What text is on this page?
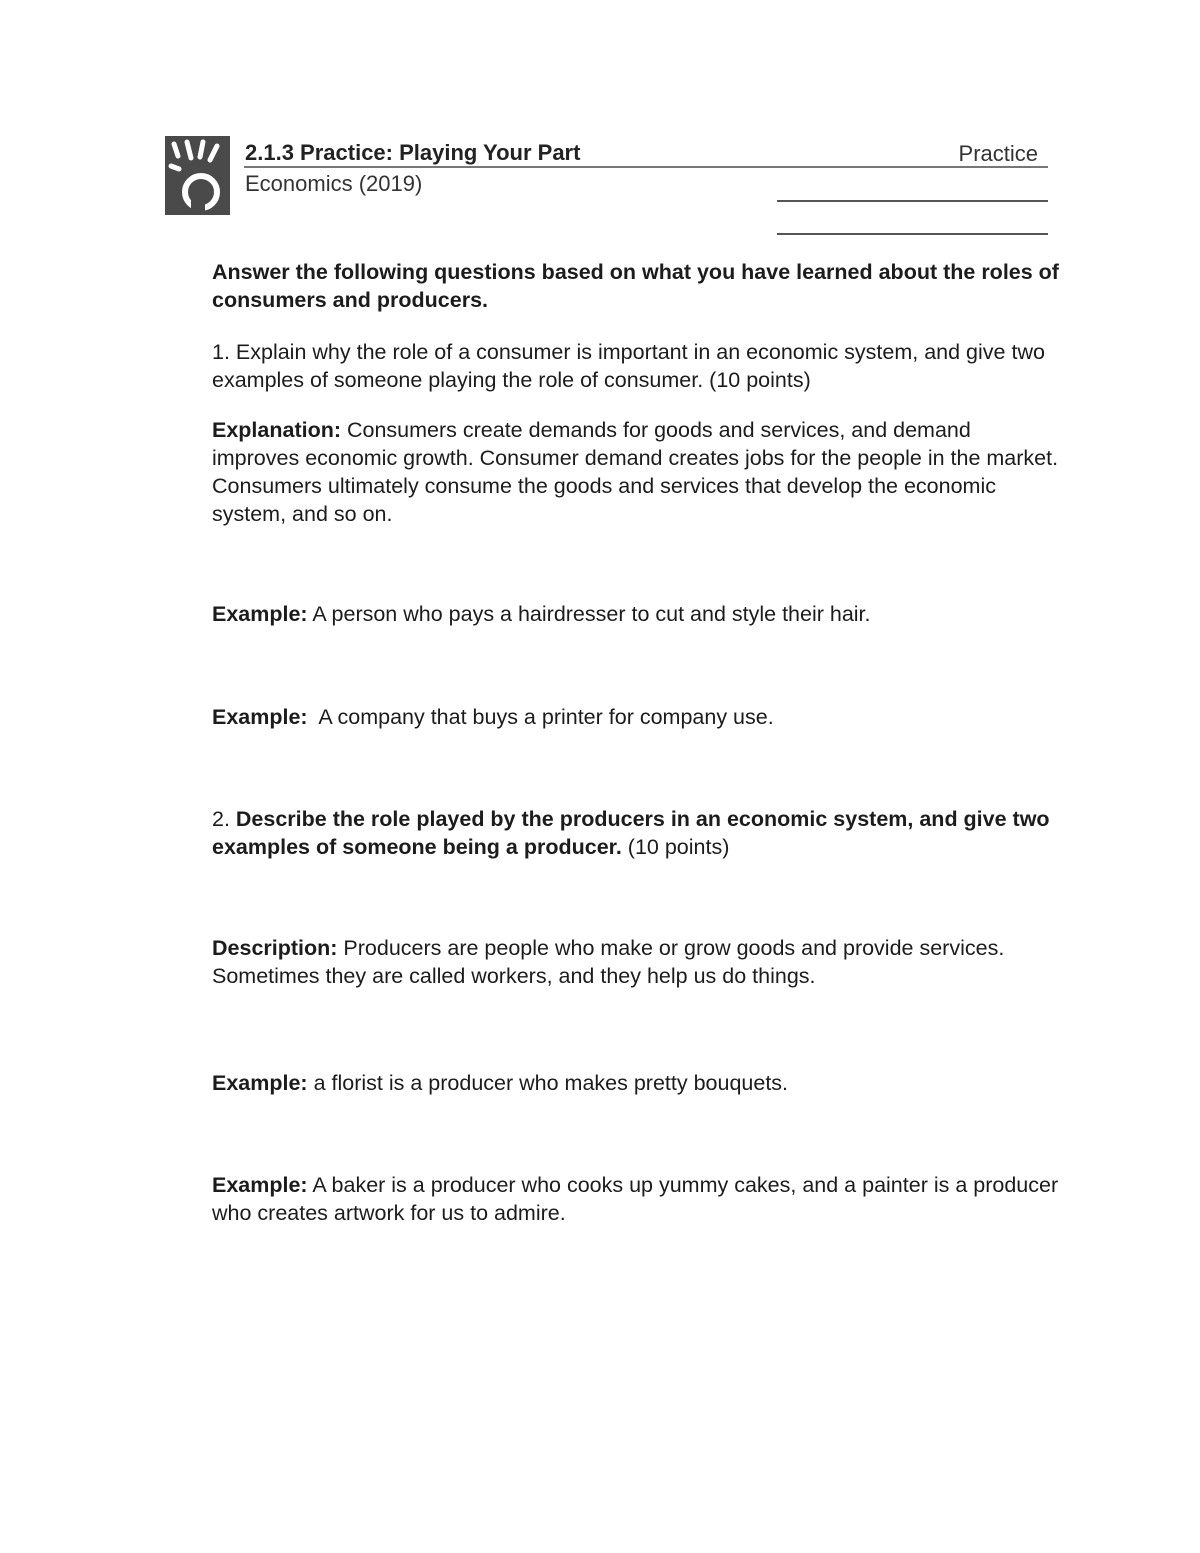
2.1.3 Practice: Playing Your Part	Practice
Economics (2019)
Answer the following questions based on what you have learned about the roles of consumers and producers.
1. Explain why the role of a consumer is important in an economic system, and give two examples of someone playing the role of consumer. (10 points)
Explanation: Consumers create demands for goods and services, and demand improves economic growth. Consumer demand creates jobs for the people in the market. Consumers ultimately consume the goods and services that develop the economic system, and so on.
Example: A person who pays a hairdresser to cut and style their hair.
Example:  A company that buys a printer for company use.
2. Describe the role played by the producers in an economic system, and give two examples of someone being a producer. (10 points)
Description: Producers are people who make or grow goods and provide services. Sometimes they are called workers, and they help us do things.
Example: a florist is a producer who makes pretty bouquets.
Example: A baker is a producer who cooks up yummy cakes, and a painter is a producer who creates artwork for us to admire.
